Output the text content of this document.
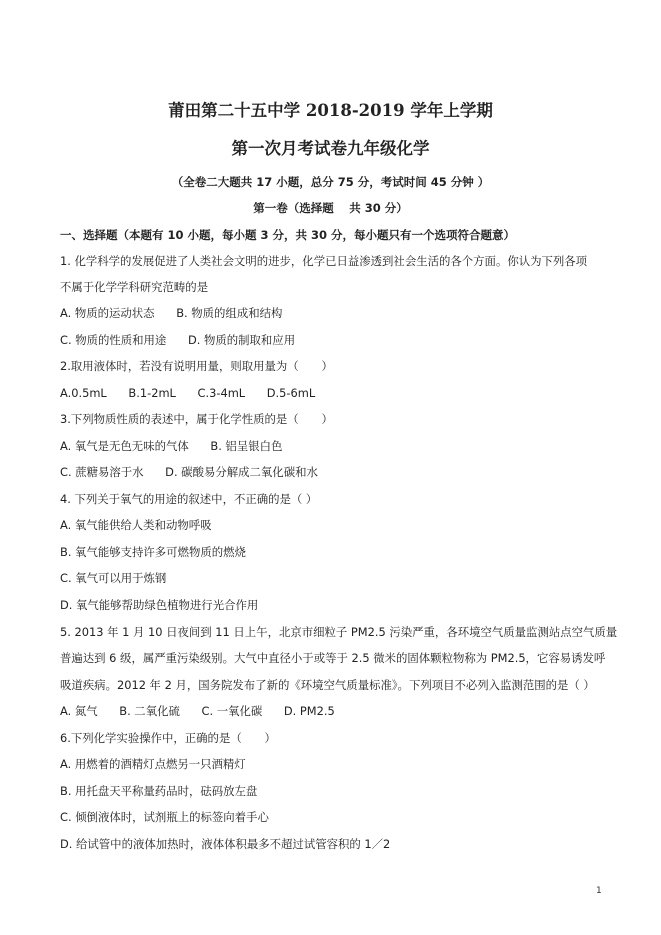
莆田第二十五中学 2018-2019 学年上学期
第一次月考试卷九年级化学
（全卷二大题共 17 小题，总分 75 分，考试时间 45 分钟 ）
第一卷（选择题　 共 30 分）
一、选择题（本题有 10 小题，每小题 3 分，共 30 分，每小题只有一个选项符合题意）
1. 化学科学的发展促进了人类社会文明的进步，化学已日益渗透到社会生活的各个方面。你认为下列各项
不属于化学学科研究范畴的是
A. 物质的运动状态 B. 物质的组成和结构
C. 物质的性质和用途 D. 物质的制取和应用
2.取用液体时，若没有说明用量，则取用量为（　　）
A.0.5mL B.1-2mL C.3-4mL D.5-6mL
3.下列物质性质的表述中，属于化学性质的是（　　）
A. 氧气是无色无味的气体 B. 铝呈银白色
C. 蔗糖易溶于水 D. 碳酸易分解成二氧化碳和水
4. 下列关于氧气的用途的叙述中，不正确的是（ ）
A. 氧气能供给人类和动物呼吸
B. 氧气能够支持许多可燃物质的燃烧
C. 氧气可以用于炼钢
D. 氧气能够帮助绿色植物进行光合作用
5. 2013 年 1 月 10 日夜间到 11 日上午，北京市细粒子 PM2.5 污染严重，各环境空气质量监测站点空气质量
普遍达到 6 级，属严重污染级别。大气中直径小于或等于 2.5 微米的固体颗粒物称为 PM2.5，它容易诱发呼
吸道疾病。2012 年 2 月，国务院发布了新的《环境空气质量标准》。下列项目不必列入监测范围的是（ ）
A. 氮气 B. 二氧化硫 C. 一氧化碳 D. PM2.5
6.下列化学实验操作中，正确的是（　　）
A. 用燃着的酒精灯点燃另一只酒精灯
B. 用托盘天平称量药品时，砝码放左盘
C. 倾倒液体时，试剂瓶上的标签向着手心
D. 给试管中的液体加热时，液体体积最多不超过试管容积的 1／2
1
